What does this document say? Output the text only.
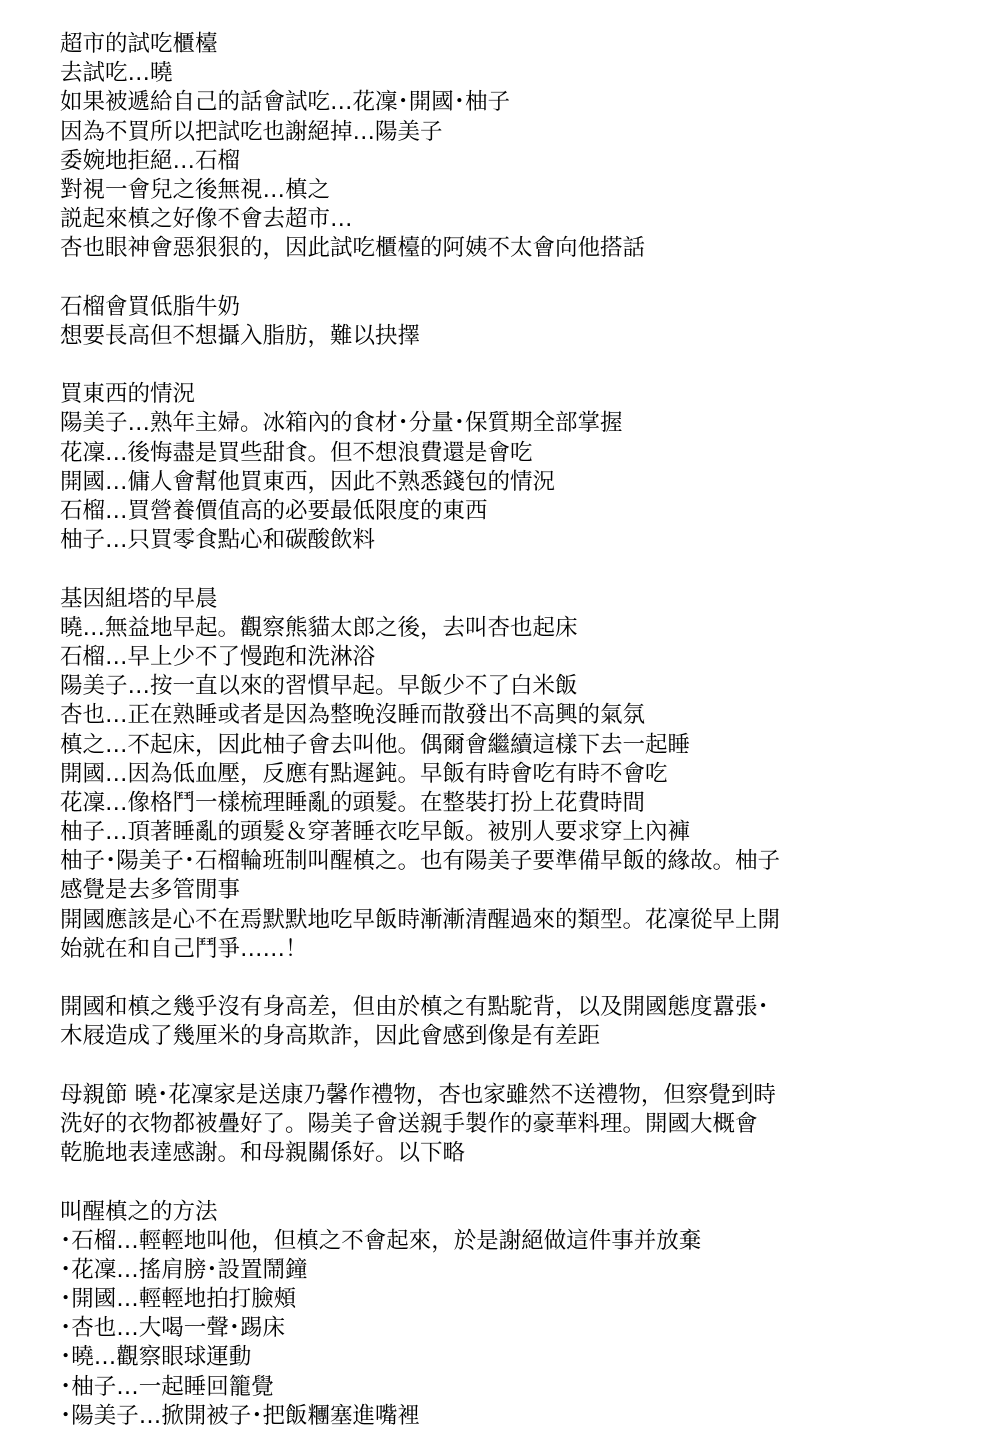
超市的試吃櫃檯
去試吃…曉
如果被遞給自己的話會試吃…花凜･開國･柚子
因為不買所以把試吃也謝絕掉…陽美子
委婉地拒絕…石榴
對視一會兒之後無視…槙之
説起來槙之好像不會去超市…
杏也眼神會惡狠狠的，因此試吃櫃檯的阿姨不太會向他搭話
石榴會買低脂牛奶
想要長高但不想攝入脂肪，難以抉擇
買東西的情況
陽美子…熟年主婦。冰箱內的食材･分量･保質期全部掌握
花凜…後悔盡是買些甜食。但不想浪費還是會吃
開國…傭人會幫他買東西，因此不熟悉錢包的情況
石榴…買營養價值高的必要最低限度的東西
柚子…只買零食點心和碳酸飲料
基因組塔的早晨
曉…無益地早起。觀察熊貓太郎之後，去叫杏也起床
石榴…早上少不了慢跑和洗淋浴
陽美子…按一直以來的習慣早起。早飯少不了白米飯
杏也…正在熟睡或者是因為整晚沒睡而散發出不高興的氣氛
槙之…不起床，因此柚子會去叫他。偶爾會繼續這樣下去一起睡
開國…因為低血壓，反應有點遲鈍。早飯有時會吃有時不會吃
花凜…像格鬥一樣梳理睡亂的頭髮。在整裝打扮上花費時間
柚子…頂著睡亂的頭髮＆穿著睡衣吃早飯。被別人要求穿上內褲
柚子･陽美子･石榴輪班制叫醒槙之。也有陽美子要準備早飯的緣故。柚子
感覺是去多管閒事
開國應該是心不在焉默默地吃早飯時漸漸清醒過來的類型。花凜從早上開
始就在和自己鬥爭……！
開國和槙之幾乎沒有身高差，但由於槙之有點駝背，以及開國態度囂張･
木屐造成了幾厘米的身高欺詐，因此會感到像是有差距
母親節 曉･花凜家是送康乃馨作禮物，杏也家雖然不送禮物，但察覺到時
洗好的衣物都被疊好了。陽美子會送親手製作的豪華料理。開國大概會
乾脆地表達感謝。和母親關係好。以下略
叫醒槙之的方法
･石榴…輕輕地叫他，但槙之不會起來，於是謝絕做這件事并放棄
･花凜…搖肩膀･設置鬧鐘
･開國…輕輕地拍打臉頰
･杏也…大喝一聲･踢床
･曉…觀察眼球運動
･柚子…一起睡回籠覺
･陽美子…掀開被子･把飯糰塞進嘴裡
